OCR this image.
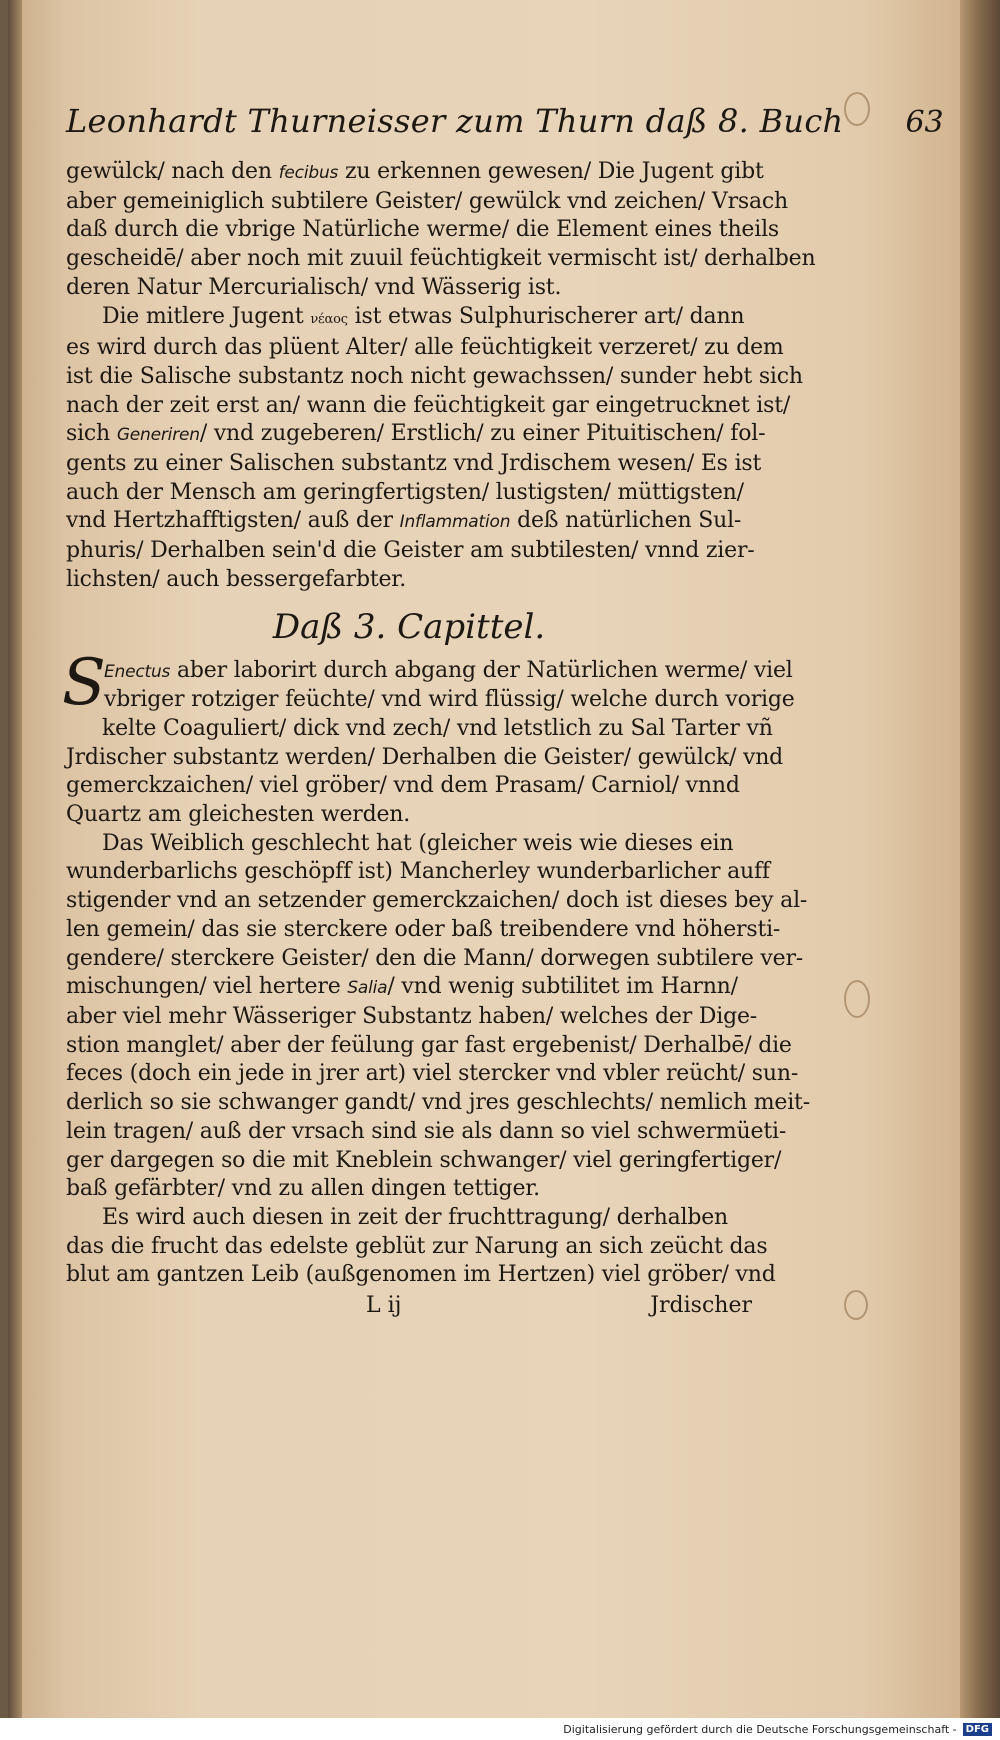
Leonhardt Thurneisser zum Thurn daß 8. Buch 63
gewülck/ nach den fecibus zu erkennen gewesen/ Die Jugent gibt
aber gemeiniglich subtilere Geister/ gewülck vnd zeichen/ Vrsach
daß durch die vbrige Natürliche werme/ die Element eines theils
gescheidē/ aber noch mit zuuil feüchtigkeit vermischt ist/ derhalben
deren Natur Mercurialisch/ vnd Wässerig ist.
Die mitlere Jugent νέαος ist etwas Sulphurischerer art/ dann
es wird durch das plüent Alter/ alle feüchtigkeit verzeret/ zu dem
ist die Salische substantz noch nicht gewachssen/ sunder hebt sich
nach der zeit erst an/ wann die feüchtigkeit gar eingetrucknet ist/
sich Generiren/ vnd zugeberen/ Erstlich/ zu einer Pituitischen/ fol-
gents zu einer Salischen substantz vnd Jrdischem wesen/ Es ist
auch der Mensch am geringfertigsten/ lustigsten/ müttigsten/
vnd Hertzhafftigsten/ auß der Inflammation deß natürlichen Sul-
phuris/ Derhalben sein'd die Geister am subtilesten/ vnnd zier-
lichsten/ auch bessergefarbter.
Daß 3. Capittel.
S
Enectus aber laborirt durch abgang der Natürlichen werme/ viel
vbriger rotziger feüchte/ vnd wird flüssig/ welche durch vorige
kelte Coaguliert/ dick vnd zech/ vnd letstlich zu Sal Tarter vñ
Jrdischer substantz werden/ Derhalben die Geister/ gewülck/ vnd
gemerckzaichen/ viel gröber/ vnd dem Prasam/ Carniol/ vnnd
Quartz am gleichesten werden.
Das Weiblich geschlecht hat (gleicher weis wie dieses ein
wunderbarlichs geschöpff ist) Mancherley wunderbarlicher auff
stigender vnd an setzender gemerckzaichen/ doch ist dieses bey al-
len gemein/ das sie sterckere oder baß treibendere vnd höhersti-
gendere/ sterckere Geister/ den die Mann/ dorwegen subtilere ver-
mischungen/ viel hertere Salia/ vnd wenig subtilitet im Harnn/
aber viel mehr Wässeriger Substantz haben/ welches der Dige-
stion manglet/ aber der feülung gar fast ergebenist/ Derhalbē/ die
feces (doch ein jede in jrer art) viel stercker vnd vbler reücht/ sun-
derlich so sie schwanger gandt/ vnd jres geschlechts/ nemlich meit-
lein tragen/ auß der vrsach sind sie als dann so viel schwermüeti-
ger dargegen so die mit Kneblein schwanger/ viel geringfertiger/
baß gefärbter/ vnd zu allen dingen tettiger.
Es wird auch diesen in zeit der fruchttragung/ derhalben
das die frucht das edelste geblüt zur Narung an sich zeücht das
blut am gantzen Leib (außgenomen im Hertzen) viel gröber/ vnd
L ij	Jrdischer
Digitalisierung gefördert durch die Deutsche Forschungsgemeinschaft - DFG
